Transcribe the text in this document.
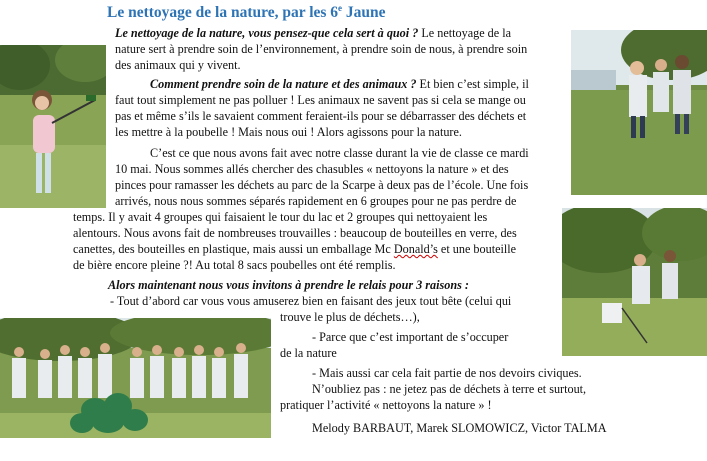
Le nettoyage de la nature, par les 6e Jaune
Le nettoyage de la nature, vous pensez-que cela sert à quoi ? Le nettoyage de la
nature sert à prendre soin de l’environnement, à prendre soin de nous, à prendre soin
des animaux qui y vivent.
Comment prendre soin de la nature et des animaux ? Et bien c’est simple, il
faut tout simplement ne pas polluer ! Les animaux ne savent pas si cela se mange ou
pas et même s’ils le savaient comment feraient-ils pour se débarrasser des déchets et
les mettre à la poubelle ! Mais nous oui ! Alors agissons pour la nature.
C’est ce que nous avons fait avec notre classe durant la vie de classe ce mardi
10 mai. Nous sommes allés chercher des chasubles « nettoyons la nature » et des
pinces pour ramasser les déchets au parc de la Scarpe à deux pas de l’école. Une fois
arrivés, nous nous sommes séparés rapidement en 6 groupes pour ne pas perdre de
temps. Il y avait 4 groupes qui faisaient le tour du lac et 2 groupes qui nettoyaient les
alentours. Nous avons fait de nombreuses trouvailles : beaucoup de bouteilles en verre, des
canettes, des bouteilles en plastique, mais aussi un emballage Mc Donald’s et une bouteille
de bière encore pleine ?! Au total 8 sacs poubelles ont été remplis.
Alors maintenant nous vous invitons à prendre le relais pour 3 raisons :
- Tout d’abord car vous vous amuserez bien en faisant des jeux tout bête (celui qui
trouve le plus de déchets…),
- Parce que c’est important de s’occuper
de la nature
- Mais aussi car cela fait partie de nos devoirs civiques.
N’oubliez pas : ne jetez pas de déchets à terre et surtout,
pratiquer l’activité « nettoyons la nature » !
Melody BARBAUT, Marek SLOMOWICZ, Victor TALMA
